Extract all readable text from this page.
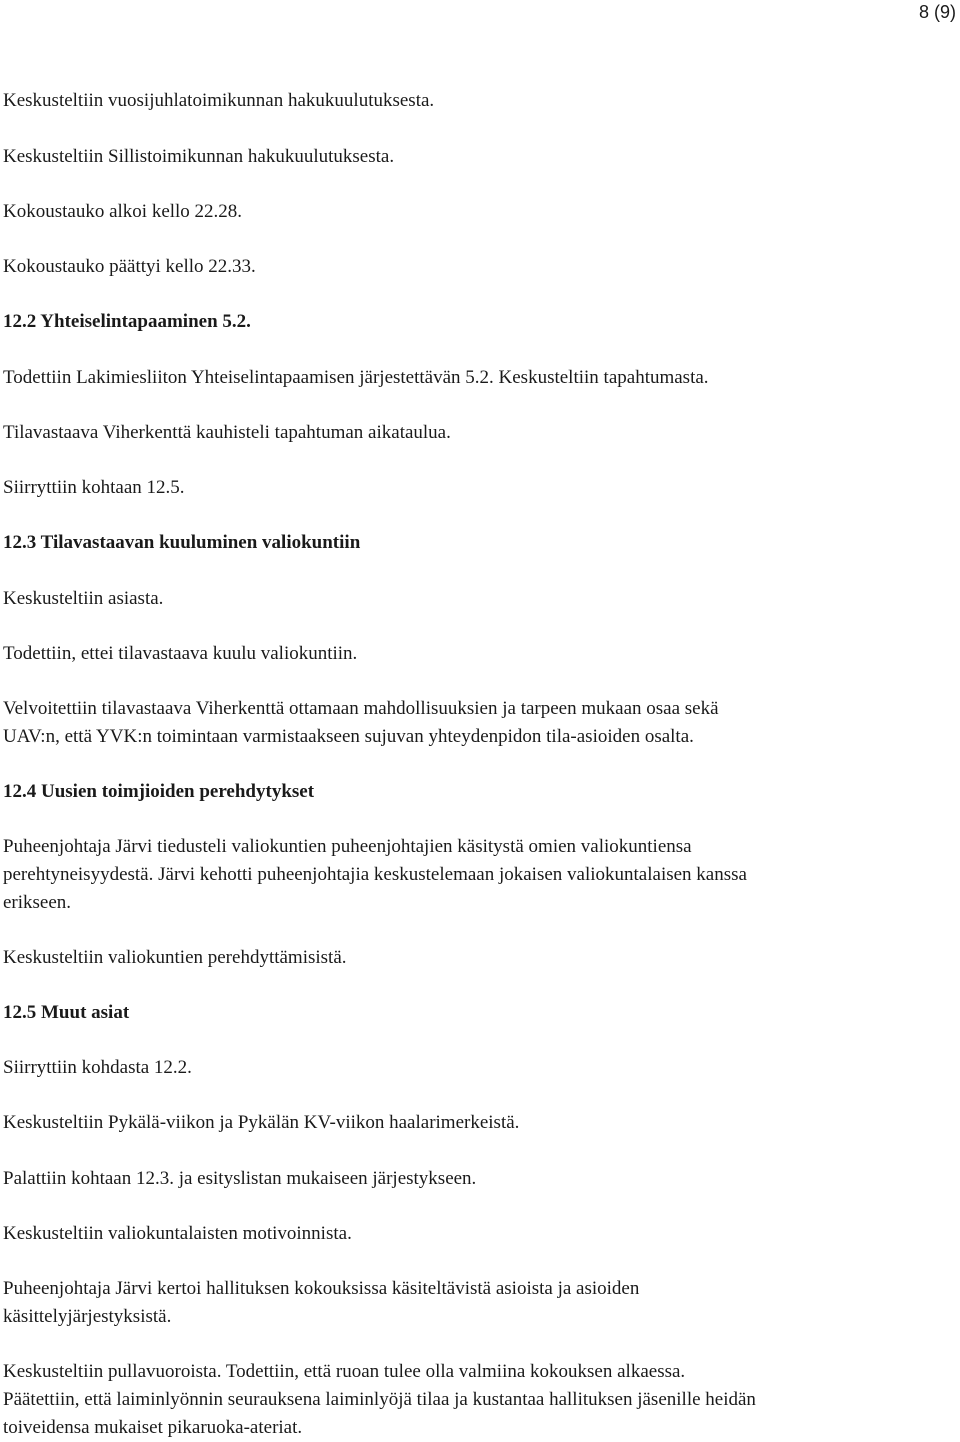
8 (9)
Keskusteltiin vuosijuhlatoimikunnan hakukuulutuksesta.
Keskusteltiin Sillistoimikunnan hakukuulutuksesta.
Kokoustauko alkoi kello 22.28.
Kokoustauko päättyi kello 22.33.
12.2 Yhteiselintapaaminen 5.2.
Todettiin Lakimiesliiton Yhteiselintapaamisen järjestettävän 5.2. Keskusteltiin tapahtumasta.
Tilavastaava Viherkenttä kauhisteli tapahtuman aikataulua.
Siirryttiin kohtaan 12.5.
12.3 Tilavastaavan kuuluminen valiokuntiin
Keskusteltiin asiasta.
Todettiin, ettei tilavastaava kuulu valiokuntiin.
Velvoitettiin tilavastaava Viherkenttä ottamaan mahdollisuuksien ja tarpeen mukaan osaa sekä
UAV:n, että YVK:n toimintaan varmistaakseen sujuvan yhteydenpidon tila-asioiden osalta.
12.4 Uusien toimjioiden perehdytykset
Puheenjohtaja Järvi tiedusteli valiokuntien puheenjohtajien käsitystä omien valiokuntiensa
perehtyneisyydestä. Järvi kehotti puheenjohtajia keskustelemaan jokaisen valiokuntalaisen kanssa
erikseen.
Keskusteltiin valiokuntien perehdyttämisistä.
12.5 Muut asiat
Siirryttiin kohdasta 12.2.
Keskusteltiin Pykälä-viikon ja Pykälän KV-viikon haalarimerkeistä.
Palattiin kohtaan 12.3. ja esityslistan mukaiseen järjestykseen.
Keskusteltiin valiokuntalaisten motivoinnista.
Puheenjohtaja Järvi kertoi hallituksen kokouksissa käsiteltävistä asioista ja asioiden
käsittelyjärjestyksistä.
Keskusteltiin pullavuoroista. Todettiin, että ruoan tulee olla valmiina kokouksen alkaessa.
Päätettiin, että laiminlyönnin seurauksena laiminlyöjä tilaa ja kustantaa hallituksen jäsenille heidän
toiveidensa mukaiset pikaruoka-ateriat.
